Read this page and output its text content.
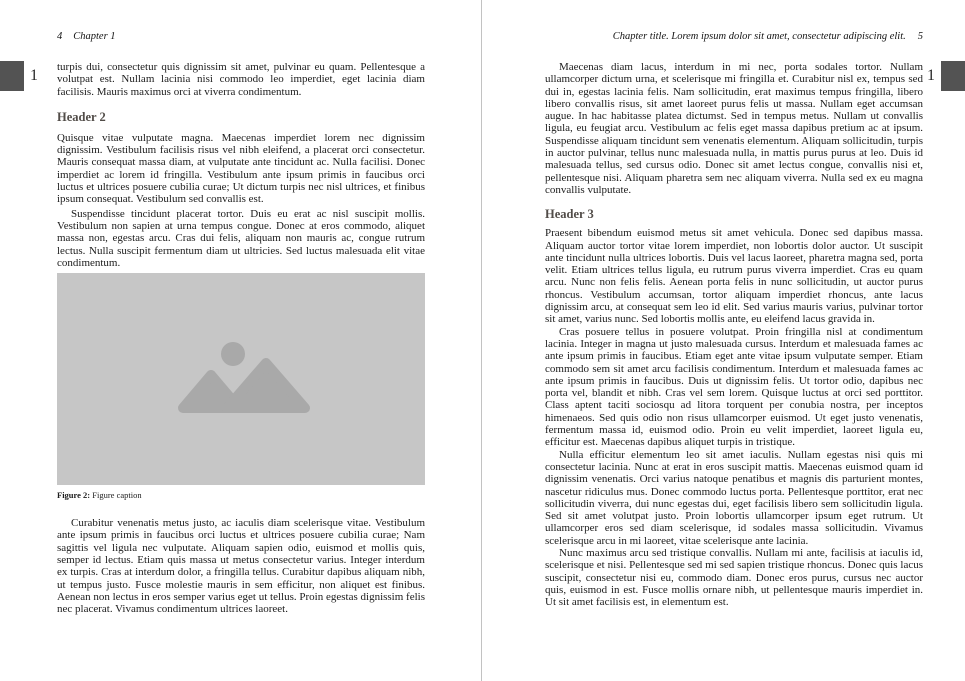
4 Chapter 1

turpis dui, consectetur quis dignissim sit amet, pulvinar eu quam. Pellentesque a volutpat est. Nullam lacinia nisi commodo leo imperdiet, eget lacinia diam facilisis. Mauris maximus orci at viverra condimentum.

Header 2

Quisque vitae vulputate magna. Maecenas imperdiet lorem nec dignissim dignissim. Vestibulum facilisis risus vel nibh eleifend, a placerat orci consectetur. Mauris consequat massa diam, at vulputate ante tincidunt ac. Nulla facilisi. Donec imperdiet ac lorem id fringilla. Vestibulum ante ipsum primis in faucibus orci luctus et ultrices posuere cubilia curae; Ut dictum turpis nec nisl ultrices, et finibus ipsum consequat. Vestibulum sed convallis est.

Suspendisse tincidunt placerat tortor. Duis eu erat ac nisl suscipit mollis. Vestibulum non sapien at urna tempus congue. Donec at eros commodo, aliquet massa non, egestas arcu. Cras dui felis, aliquam non mauris ac, congue rutrum lectus. Nulla suscipit fermentum diam ut ultricies. Sed luctus malesuada elit vitae condimentum.

Figure 2: Figure caption

Curabitur venenatis metus justo, ac iaculis diam scelerisque vitae. Vestibulum ante ipsum primis in faucibus orci luctus et ultrices posuere cubilia curae; Nam sagittis vel ligula nec vulputate. Aliquam sapien odio, euismod et mollis quis, semper id lectus. Etiam quis massa ut metus consectetur varius. Integer interdum ex turpis. Cras at interdum dolor, a fringilla tellus. Curabitur dapibus aliquam nibh, ut tempus justo. Fusce molestie mauris in sem efficitur, non aliquet est finibus. Aenean non lectus in eros semper varius eget ut tellus. Proin egestas dignissim felis nec placerat. Vivamus condimentum ultrices laoreet.

Chapter title. Lorem ipsum dolor sit amet, consectetur adipiscing elit. 5

Maecenas diam lacus, interdum in mi nec, porta sodales tortor. Nullam ullamcorper dictum urna, et scelerisque mi fringilla et. Curabitur nisl ex, tempus sed dui in, egestas lacinia felis. Nam sollicitudin, erat maximus tempus fringilla, libero libero convallis risus, sit amet laoreet purus felis ut massa. Nullam eget accumsan augue. In hac habitasse platea dictumst. Sed in tempus metus. Nullam ut convallis ligula, eu feugiat arcu. Vestibulum ac felis eget massa dapibus pretium ac at ipsum. Suspendisse aliquam tincidunt sem venenatis elementum. Aliquam sollicitudin, turpis in auctor pulvinar, tellus nunc malesuada nulla, in mattis purus purus at leo. Duis id malesuada tellus, sed cursus odio. Donec sit amet lectus congue, convallis nisi et, pellentesque nisi. Aliquam pharetra sem nec aliquam viverra. Nulla sed ex eu magna convallis vulputate.

Header 3

Praesent bibendum euismod metus sit amet vehicula. Donec sed dapibus massa. Aliquam auctor tortor vitae lorem imperdiet, non lobortis dolor auctor. Ut suscipit ante tincidunt nulla ultrices lobortis. Duis vel lacus laoreet, pharetra magna sed, porta velit. Etiam ultrices tellus ligula, eu rutrum purus viverra imperdiet. Cras eu quam arcu. Nunc non felis felis. Aenean porta felis in nunc sollicitudin, ut auctor purus rhoncus. Vestibulum accumsan, tortor aliquam imperdiet rhoncus, ante lacus dignissim arcu, at consequat sem leo id elit. Sed varius mauris varius, pulvinar tortor sit amet, varius nunc. Sed lobortis mollis ante, eu eleifend lacus gravida in.

Cras posuere tellus in posuere volutpat. Proin fringilla nisl at condimentum lacinia. Integer in magna ut justo malesuada cursus. Interdum et malesuada fames ac ante ipsum primis in faucibus. Etiam eget ante vitae ipsum vulputate semper. Etiam commodo sem sit amet arcu facilisis condimentum. Interdum et malesuada fames ac ante ipsum primis in faucibus. Duis ut dignissim felis. Ut tortor odio, dapibus nec porta vel, blandit et nibh. Cras vel sem lorem. Quisque luctus at orci sed porttitor. Class aptent taciti sociosqu ad litora torquent per conubia nostra, per inceptos himenaeos. Sed quis odio non risus ullamcorper euismod. Ut eget justo venenatis, fermentum massa id, euismod odio. Proin eu velit imperdiet, laoreet ligula eu, efficitur est. Maecenas dapibus aliquet turpis in tristique.

Nulla efficitur elementum leo sit amet iaculis. Nullam egestas nisi quis mi consectetur lacinia. Nunc at erat in eros suscipit mattis. Maecenas euismod quam id dignissim venenatis. Orci varius natoque penatibus et magnis dis parturient montes, nascetur ridiculus mus. Donec commodo luctus porta. Pellentesque porttitor, erat nec sollicitudin viverra, dui nunc egestas dui, eget facilisis libero sem sollicitudin ligula. Sed sit amet volutpat justo. Proin lobortis ullamcorper ipsum eget rutrum. Ut ullamcorper eros sed diam scelerisque, id sodales massa sollicitudin. Vivamus scelerisque arcu in mi laoreet, vitae scelerisque ante lacinia.

Nunc maximus arcu sed tristique convallis. Nullam mi ante, facilisis at iaculis id, scelerisque et nisi. Pellentesque sed mi sed sapien tristique rhoncus. Donec quis lacus suscipit, consectetur nisi eu, commodo diam. Donec eros purus, cursus nec auctor quis, euismod in est. Fusce mollis ornare nibh, ut pellentesque mauris imperdiet in. Ut sit amet facilisis est, in elementum est.

1	1
